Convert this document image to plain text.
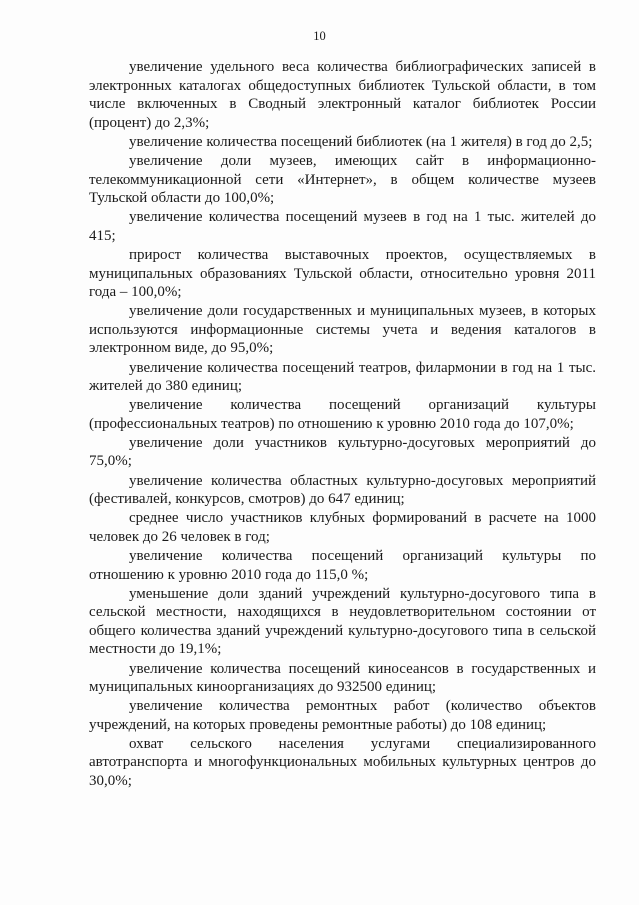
10

увеличение удельного веса количества библиографических записей в электронных каталогах общедоступных библиотек Тульской области, в том числе включенных в Сводный электронный каталог библиотек России (процент) до 2,3%;

увеличение количества посещений библиотек (на 1 жителя) в год до 2,5;

увеличение доли музеев, имеющих сайт в информационно-телекоммуникационной сети «Интернет», в общем количестве музеев Тульской области до 100,0%;

увеличение количества посещений музеев в год на 1 тыс. жителей до 415;

прирост количества выставочных проектов, осуществляемых в муниципальных образованиях Тульской области, относительно уровня 2011 года – 100,0%;

увеличение доли государственных и муниципальных музеев, в которых используются информационные системы учета и ведения каталогов в электронном виде, до 95,0%;

увеличение количества посещений театров, филармонии в год на 1 тыс. жителей до 380 единиц;

увеличение количества посещений организаций культуры (профессиональных театров) по отношению к уровню 2010 года до 107,0%;

увеличение доли участников культурно-досуговых мероприятий до 75,0%;

увеличение количества областных культурно-досуговых мероприятий (фестивалей, конкурсов, смотров) до 647 единиц;

среднее число участников клубных формирований в расчете на 1000 человек до 26 человек в год;

увеличение количества посещений организаций культуры по отношению к уровню 2010 года до 115,0 %;

уменьшение доли зданий учреждений культурно-досугового типа в сельской местности, находящихся в неудовлетворительном состоянии от общего количества зданий учреждений культурно-досугового типа в сельской местности до 19,1%;

увеличение количества посещений киносеансов в государственных и муниципальных киноорганизациях до 932500 единиц;

увеличение количества ремонтных работ (количество объектов учреждений, на которых проведены ремонтные работы) до 108 единиц;

охват сельского населения услугами специализированного автотранспорта и многофункциональных мобильных культурных центров до 30,0%;
